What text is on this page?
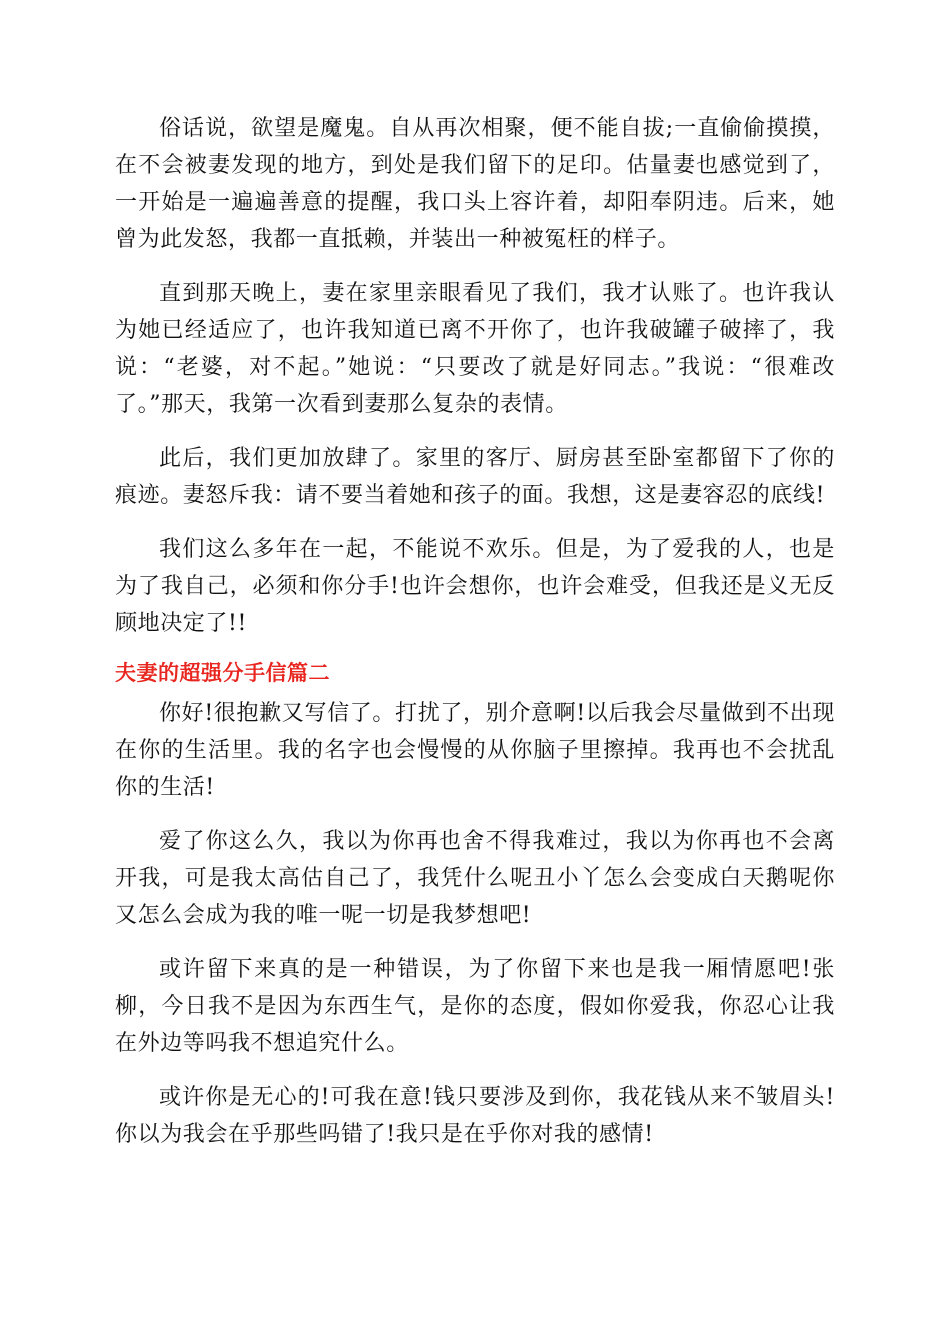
俗话说，欲望是魔鬼。自从再次相聚，便不能自拔;一直偷偷摸摸，在不会被妻发现的地方，到处是我们留下的足印。估量妻也感觉到了，一开始是一遍遍善意的提醒，我口头上容许着，却阳奉阴违。后来，她曾为此发怒，我都一直抵赖，并装出一种被冤枉的样子。

直到那天晚上，妻在家里亲眼看见了我们，我才认账了。也许我认为她已经适应了，也许我知道已离不开你了，也许我破罐子破摔了，我说：“老婆，对不起。”她说：“只要改了就是好同志。”我说：“很难改了。”那天，我第一次看到妻那么复杂的表情。

此后，我们更加放肆了。家里的客厅、厨房甚至卧室都留下了你的痕迹。妻怒斥我：请不要当着她和孩子的面。我想，这是妻容忍的底线!

我们这么多年在一起，不能说不欢乐。但是，为了爱我的人，也是为了我自己，必须和你分手!也许会想你，也许会难受，但我还是义无反顾地决定了!!

夫妻的超强分手信篇二

你好!很抱歉又写信了。打扰了，别介意啊!以后我会尽量做到不出现在你的生活里。我的名字也会慢慢的从你脑子里擦掉。我再也不会扰乱你的生活!

爱了你这么久，我以为你再也舍不得我难过，我以为你再也不会离开我，可是我太高估自己了，我凭什么呢丑小丫怎么会变成白天鹅呢你又怎么会成为我的唯一呢一切是我梦想吧!

或许留下来真的是一种错误，为了你留下来也是我一厢情愿吧!张柳，今日我不是因为东西生气，是你的态度，假如你爱我，你忍心让我在外边等吗我不想追究什么。

或许你是无心的!可我在意!钱只要涉及到你，我花钱从来不皱眉头!你以为我会在乎那些吗错了!我只是在乎你对我的感情!
